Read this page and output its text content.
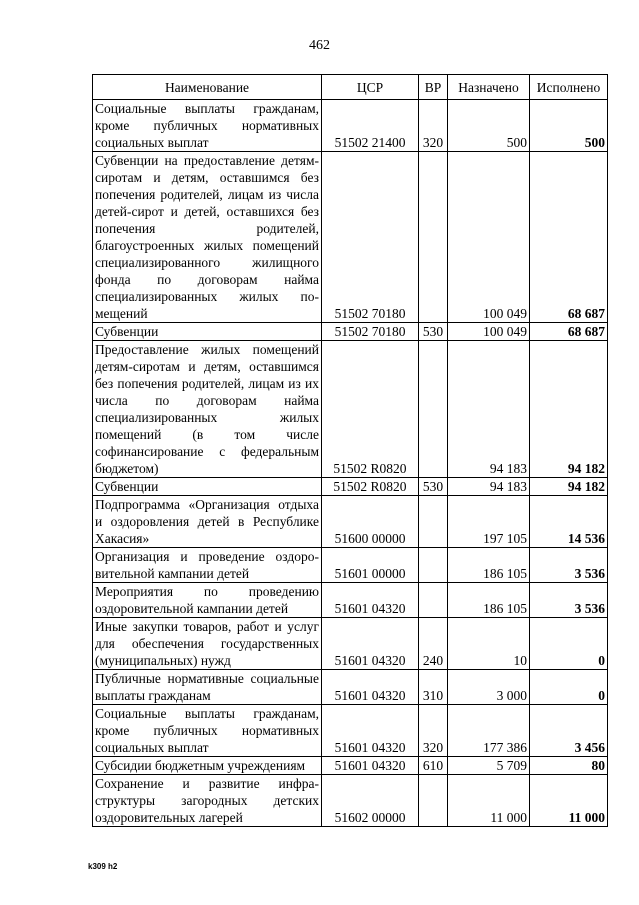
462
Наименование	ЦСР	ВР	Назначено	Исполнено
Социальные выплаты гражданам, кроме публичных нормативных социальных выплат	51502 21400	320	500	500
Субвенции на предоставление детям-сиротам и детям, оставшимся без попечения родителей, лицам из числа детей-сирот и детей, оставшихся без попечения родителей, благоустроенных жилых помещений специализированного жилищного фонда по договорам найма специализированных жилых помещений	51502 70180		100 049	68 687
Субвенции	51502 70180	530	100 049	68 687
Предоставление жилых помещений детям-сиротам и детям, оставшимся без попечения родителей, лицам из их числа по договорам найма специализированных жилых помещений (в том числе софинансирование с федеральным бюджетом)	51502 R0820		94 183	94 182
Субвенции	51502 R0820	530	94 183	94 182
Подпрограмма «Организация отдыха и оздоровления детей в Республике Хакасия»	51600 00000		197 105	14 536
Организация и проведение оздоровительной кампании детей	51601 00000		186 105	3 536
Мероприятия по проведению оздоровительной кампании детей	51601 04320		186 105	3 536
Иные закупки товаров, работ и услуг для обеспечения государственных (муниципальных) нужд	51601 04320	240	10	0
Публичные нормативные социальные выплаты гражданам	51601 04320	310	3 000	0
Социальные выплаты гражданам, кроме публичных нормативных социальных выплат	51601 04320	320	177 386	3 456
Субсидии бюджетным учреждениям	51601 04320	610	5 709	80
Сохранение и развитие инфраструктуры загородных детских оздоровительных лагерей	51602 00000		11 000	11 000
k309 h2
